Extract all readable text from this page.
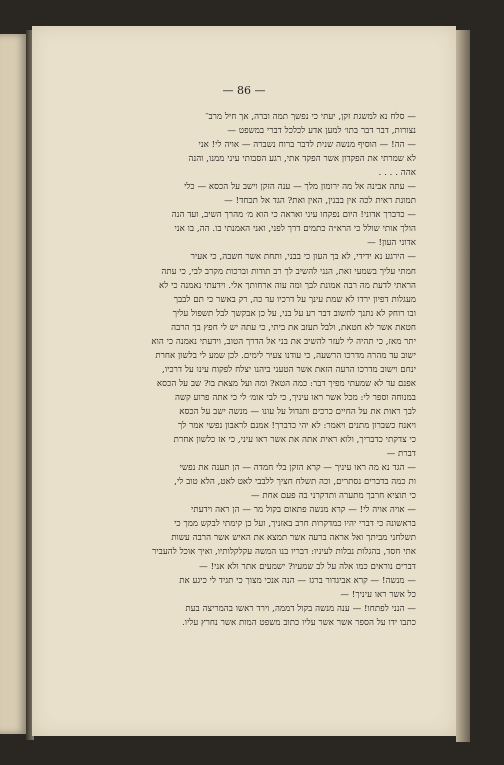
— 86 —
— סלח נא למשגת זקן, יעתי כי נפשך תמה וברה, אך חיל מרב־
נצורות, דבר דבר בתו׳ למען אדע לכלכל דברי במשפט —
— הה! — הוסיף מנשה שנית לדבר ברוח נשברה — אויה לי! אני
לא שמרתי את הפקדון אשר הפקד אתי, רגע הסבותי עיני ממנו, והנה
אהה . . . .
— עתה אבינה אל מה ירומון מלך — ענה הזקן וישב על הכסא — כלי
תמונת ראית לכה אין בבנין, האין ואת? הגד אל תכחד! —
— כדברך אדוני! היום נפקחו עיני ואראה כי הוא מ׳ מהרך השיב, ועד הנה
הולך אותי שולל כי הרא״ה כתמים דרך לפני, ואני האמנתי בו. הה, בו אני
אדוני העון! —
— הירגע נא ידידי, לא בך העון כי בבני, ותחת אשר חשבה, כי אעיר
חמתי עליך בשמעי זאת, הנני להשיב לך רב תודות וברכות מקרב לבי, כי עתה
הראתי לדעת מה רבה אמונת לבך ומה עוה ארחותך אלי. וידעתי נאמנה כי לא
מעגלות דפיון ירדו לא שמת עינך על דרכיו עד כה, רק באשר כי תם לבבך
ובו רוחק לא נתנך לחשוב דבר רע על בני, על כן אבקשך לבל תשפול עליך
חטאת אשר לא חטאת, ולבל תעזב את ביתי, כי עתה יש לי חפץ בך הרבה
יתר מאז, כי תהיה לי לעזר להשיב את בני אל הדרך הטוב, וידעתי נאמנה כי הוא
ישוב עד מהרה מדרכו הרשעה, כי עודנו צעיר לימים. לכן שמע לי בלשון אחרת
ינחם וישוב מדרכו הרעה הזאת אשר הטעני ביהנו יצלח לפקוח עינו על דרכיו,
אפנם עד לא שמעתי מפיך דבר: כמה הטא? ומה ועל מצאת בו? שב על הכסא
במנוחה וספר לי: מכל אשר ראו עיניך, כי לבי אומ׳ לי כי אתה פרוע קשה
לבך ראות את על החיים כרכים ותגדול על עונו — מנשה ישב על הכסא
ויאנח כשברון מתנים ויאמר: לא יהי כדברך! אמנם לראבון נפשי אמר לך
כי צדקתי כדבריך, ולוא ראית אתה את אשר ראו עיני, כי אז כלשון אחרת
דברת —
— הגד נא מה ראו עיניך — קרא הזקן בלי חמדה — הן תענה את נפשי
ות כמה בדברים נסתרים, וכה תשלח חציך ללבבי לאט לאט, הלא טוב לי,
כי תוציא חרבך מתערה ותדקרני בה פעם אחת —
— אויה אויה לי! — קרא מנשה פתאום בקול מר — הן ראה וידעתי
בראשונה כי דברי יהיו כמדקרות חרב באזניך, ועל כן קימתי לבקש ממך כי
תשלחני מביתך ואל אראה ברעה אשר תמצא את האיש אשר הרבה עשות
אתי חסד, בהגלות נבלות לעיניו: דבריו בנו המשה עקלקלותיו, ואיך אוכל להעביר
דברים נוראים כמו אלה על לב שמעיו? ישמעים אתר ולא אני! —
— מנשה! — קרא אביגדור ברגז — הנה אנכי מצוך כי תגיד לי כיגע את
כל אשר ראו עיניך! —
— הנני לפתחו! — ענה מנשה בקול דממה, וירד ראשו בהמריצה בעת
כתבו ידו על הספר אשר אשר עליו כתוב משפט המות אשר נחרץ עליו.
